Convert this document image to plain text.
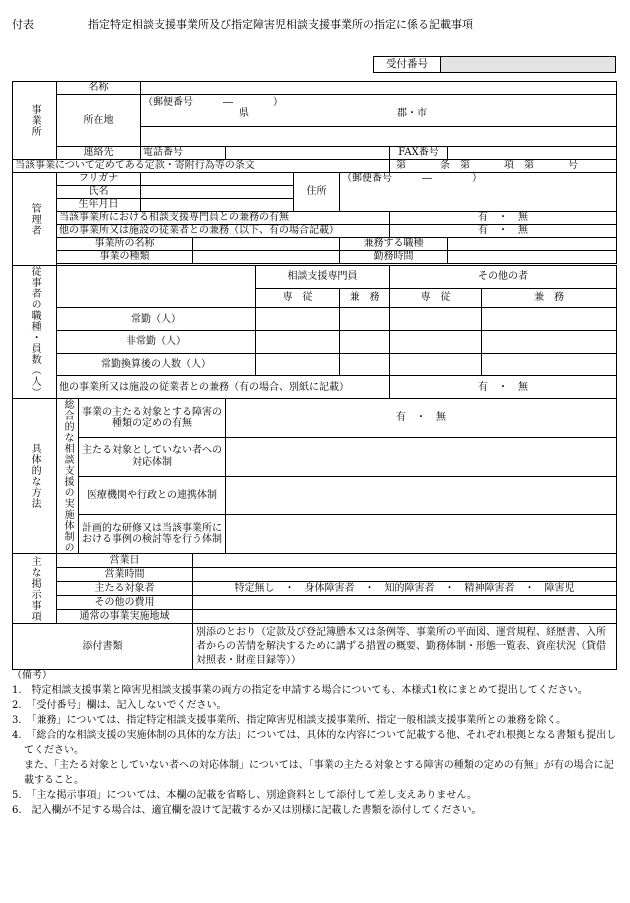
付表	指定特定相談支援事業所及び指定障害児相談支援事業所の指定に係る記載事項
受付番号
事業所	名称										
	所在地		（郵便番号　　　―　　　　）
県 郡・市								

	連絡先		電話番号						FAX番号		
当該事業について定めてある定款・寄附行為等の条文									第 条 第 項 第 号		
管理者	フリガナ						住所	（郵便番号　　　―　　　　）			
	氏名										
	生年月日										
	当該事業所における相談支援専門員との兼務の有無								有　・　無		
	他の事業所又は施設の従業者との兼務（以下、有の場合記載）								有　・　無		
	事業所の名称							兼務する職種			
	事業の種類							勤務時間			

従事者の職種・員数（人）						相談支援専門員			その他の者		
						専　従		兼　務	専　従		兼　務
	常勤（人）										
	非常勤（人）										
	常勤換算後の人数（人）										
	他の事業所又は施設の従業者との兼務（有の場合、別紙に記載）								有　・　無		
具体的な方法	総合的な相談支援の実施体制の	事業の主たる対象とする障害の種類の定めの有無			有　・　無						
		主たる対象としていない者への対応体制									
		医療機関や行政との連携体制									
		計画的な研修又は当該事業所における事例の検討等を行う体制									
主な掲示事項	営業日										
	営業時間										
	主たる対象者			特定無し　・　身体障害者　・　知的障害者　・　精神障害者　・　障害児							
	その他の費用										
	通常の事業実施地域										
添付書類				別添のとおり（定款及び登記簿謄本又は条例等、事業所の平面図、運営規程、経歴書、入所者からの苦情を解決するために講ずる措置の概要、勤務体制・形態一覧表、資産状況（貸借対照表・財産目録等））							
（備考）
1.　特定相談支援事業と障害児相談支援事業の両方の指定を申請する場合についても、本様式1枚にまとめて提出してください。
2.　「受付番号」欄は、記入しないでください。
3.　「兼務」については、指定特定相談支援事業所、指定障害児相談支援事業所、指定一般相談支援事業所との兼務を除く。
4.　「総合的な相談支援の実施体制の具体的な方法」については、具体的な内容について記載する他、それぞれ根拠となる書類も提出してください。
また、「主たる対象としていない者への対応体制」については、「事業の主たる対象とする障害の種類の定めの有無」が有の場合に記載すること。
5.　「主な掲示事項」については、本欄の記載を省略し、別途資料として添付して差し支えありません。
6.　記入欄が不足する場合は、適宜欄を設けて記載するか又は別様に記載した書類を添付してください。
